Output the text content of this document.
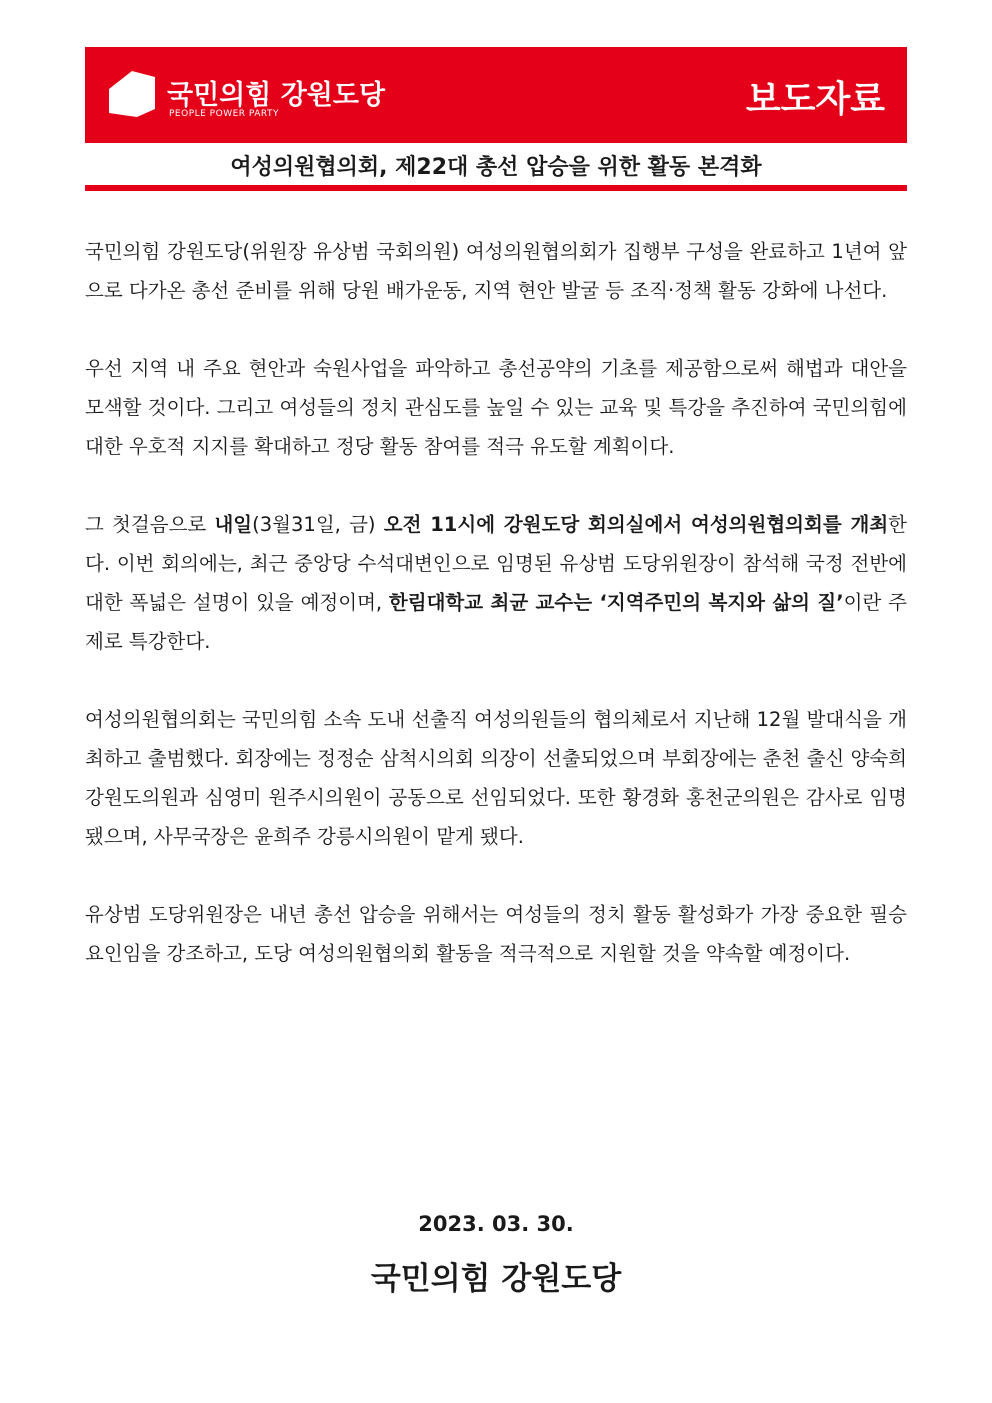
국민의힘 강원도당
PEOPLE POWER PARTY	보도자료
여성의원협의회, 제22대 총선 압승을 위한 활동 본격화

국민의힘 강원도당(위원장 유상범 국회의원) 여성의원협의회가 집행부 구성을 완료하고 1년여 앞으로 다가온 총선 준비를 위해 당원 배가운동, 지역 현안 발굴 등 조직‧정책 활동 강화에 나선다.

우선 지역 내 주요 현안과 숙원사업을 파악하고 총선공약의 기초를 제공함으로써 해법과 대안을 모색할 것이다. 그리고 여성들의 정치 관심도를 높일 수 있는 교육 및 특강을 추진하여 국민의힘에 대한 우호적 지지를 확대하고 정당 활동 참여를 적극 유도할 계획이다.

그 첫걸음으로 내일(3월31일, 금) 오전 11시에 강원도당 회의실에서 여성의원협의회를 개최한다. 이번 회의에는, 최근 중앙당 수석대변인으로 임명된 유상범 도당위원장이 참석해 국정 전반에 대한 폭넓은 설명이 있을 예정이며, 한림대학교 최균 교수는 ‘지역주민의 복지와 삶의 질’이란 주제로 특강한다.

여성의원협의회는 국민의힘 소속 도내 선출직 여성의원들의 협의체로서 지난해 12월 발대식을 개최하고 출범했다. 회장에는 정정순 삼척시의회 의장이 선출되었으며 부회장에는 춘천 출신 양숙희 강원도의원과 심영미 원주시의원이 공동으로 선임되었다. 또한 황경화 홍천군의원은 감사로 임명됐으며, 사무국장은 윤희주 강릉시의원이 맡게 됐다.

유상범 도당위원장은 내년 총선 압승을 위해서는 여성들의 정치 활동 활성화가 가장 중요한 필승 요인임을 강조하고, 도당 여성의원협의회 활동을 적극적으로 지원할 것을 약속할 예정이다.

2023. 03. 30.
국민의힘 강원도당
